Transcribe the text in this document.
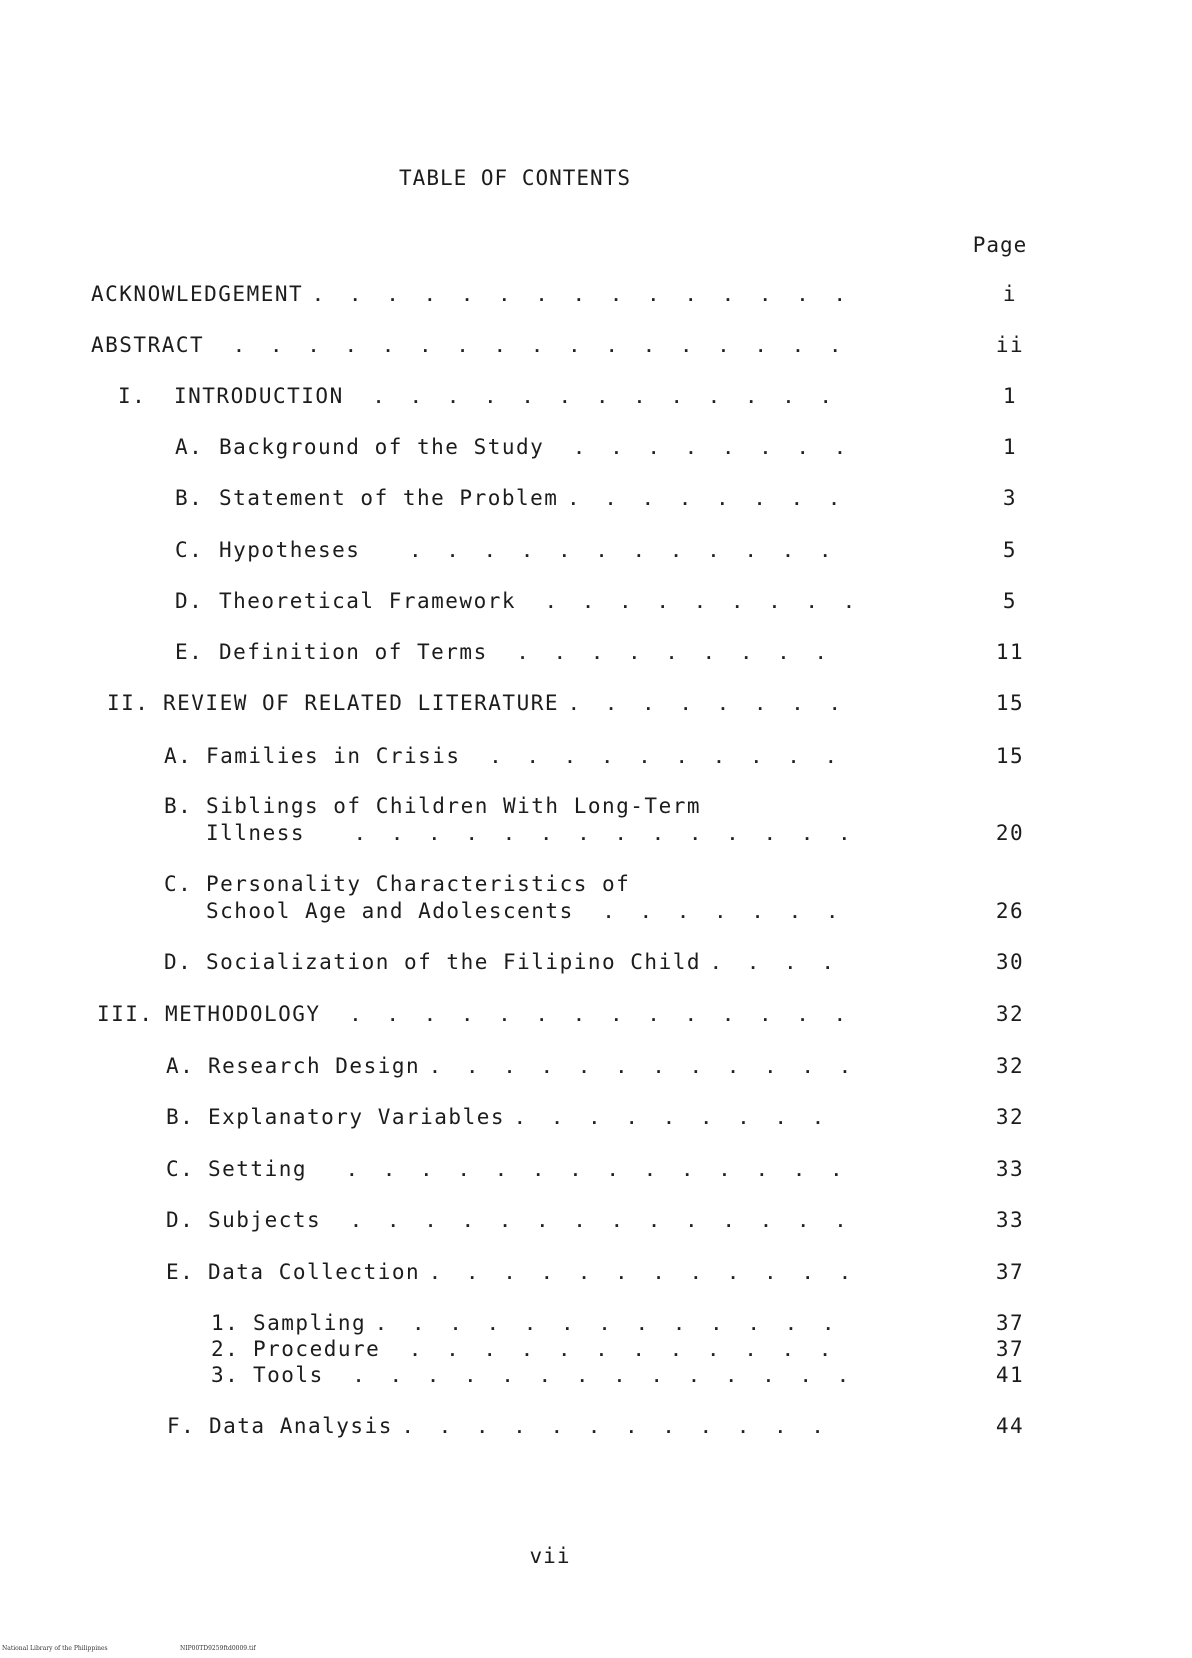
TABLE OF CONTENTS
Page
ACKNOWLEDGEMENT . . .	i
ABSTRACT . . .	ii
I.	INTRODUCTION . . .	1
A. Background of the Study . . .	1
B. Statement of the Problem . . .	3
C. Hypotheses . . .	5
D. Theoretical Framework . . .	5
E. Definition of Terms . . .	11
II. REVIEW OF RELATED LITERATURE . . .	15
A. Families in Crisis . . .	15
B. Siblings of Children With Long-Term
Illness . . .	20
C. Personality Characteristics of
School Age and Adolescents . . .	26
D. Socialization of the Filipino Child . . .	30
III. METHODOLOGY . . .	32
A. Research Design . . .	32
B. Explanatory Variables . . .	32
C. Setting . . .	33
D. Subjects . . .	33
E. Data Collection . . .	37
1. Sampling . . .	37
2. Procedure . . .	37
3. Tools . . .	41
F. Data Analysis . . .	44
vii
National Library of the Philippines	NIP00TD9259ftd0009.tif
